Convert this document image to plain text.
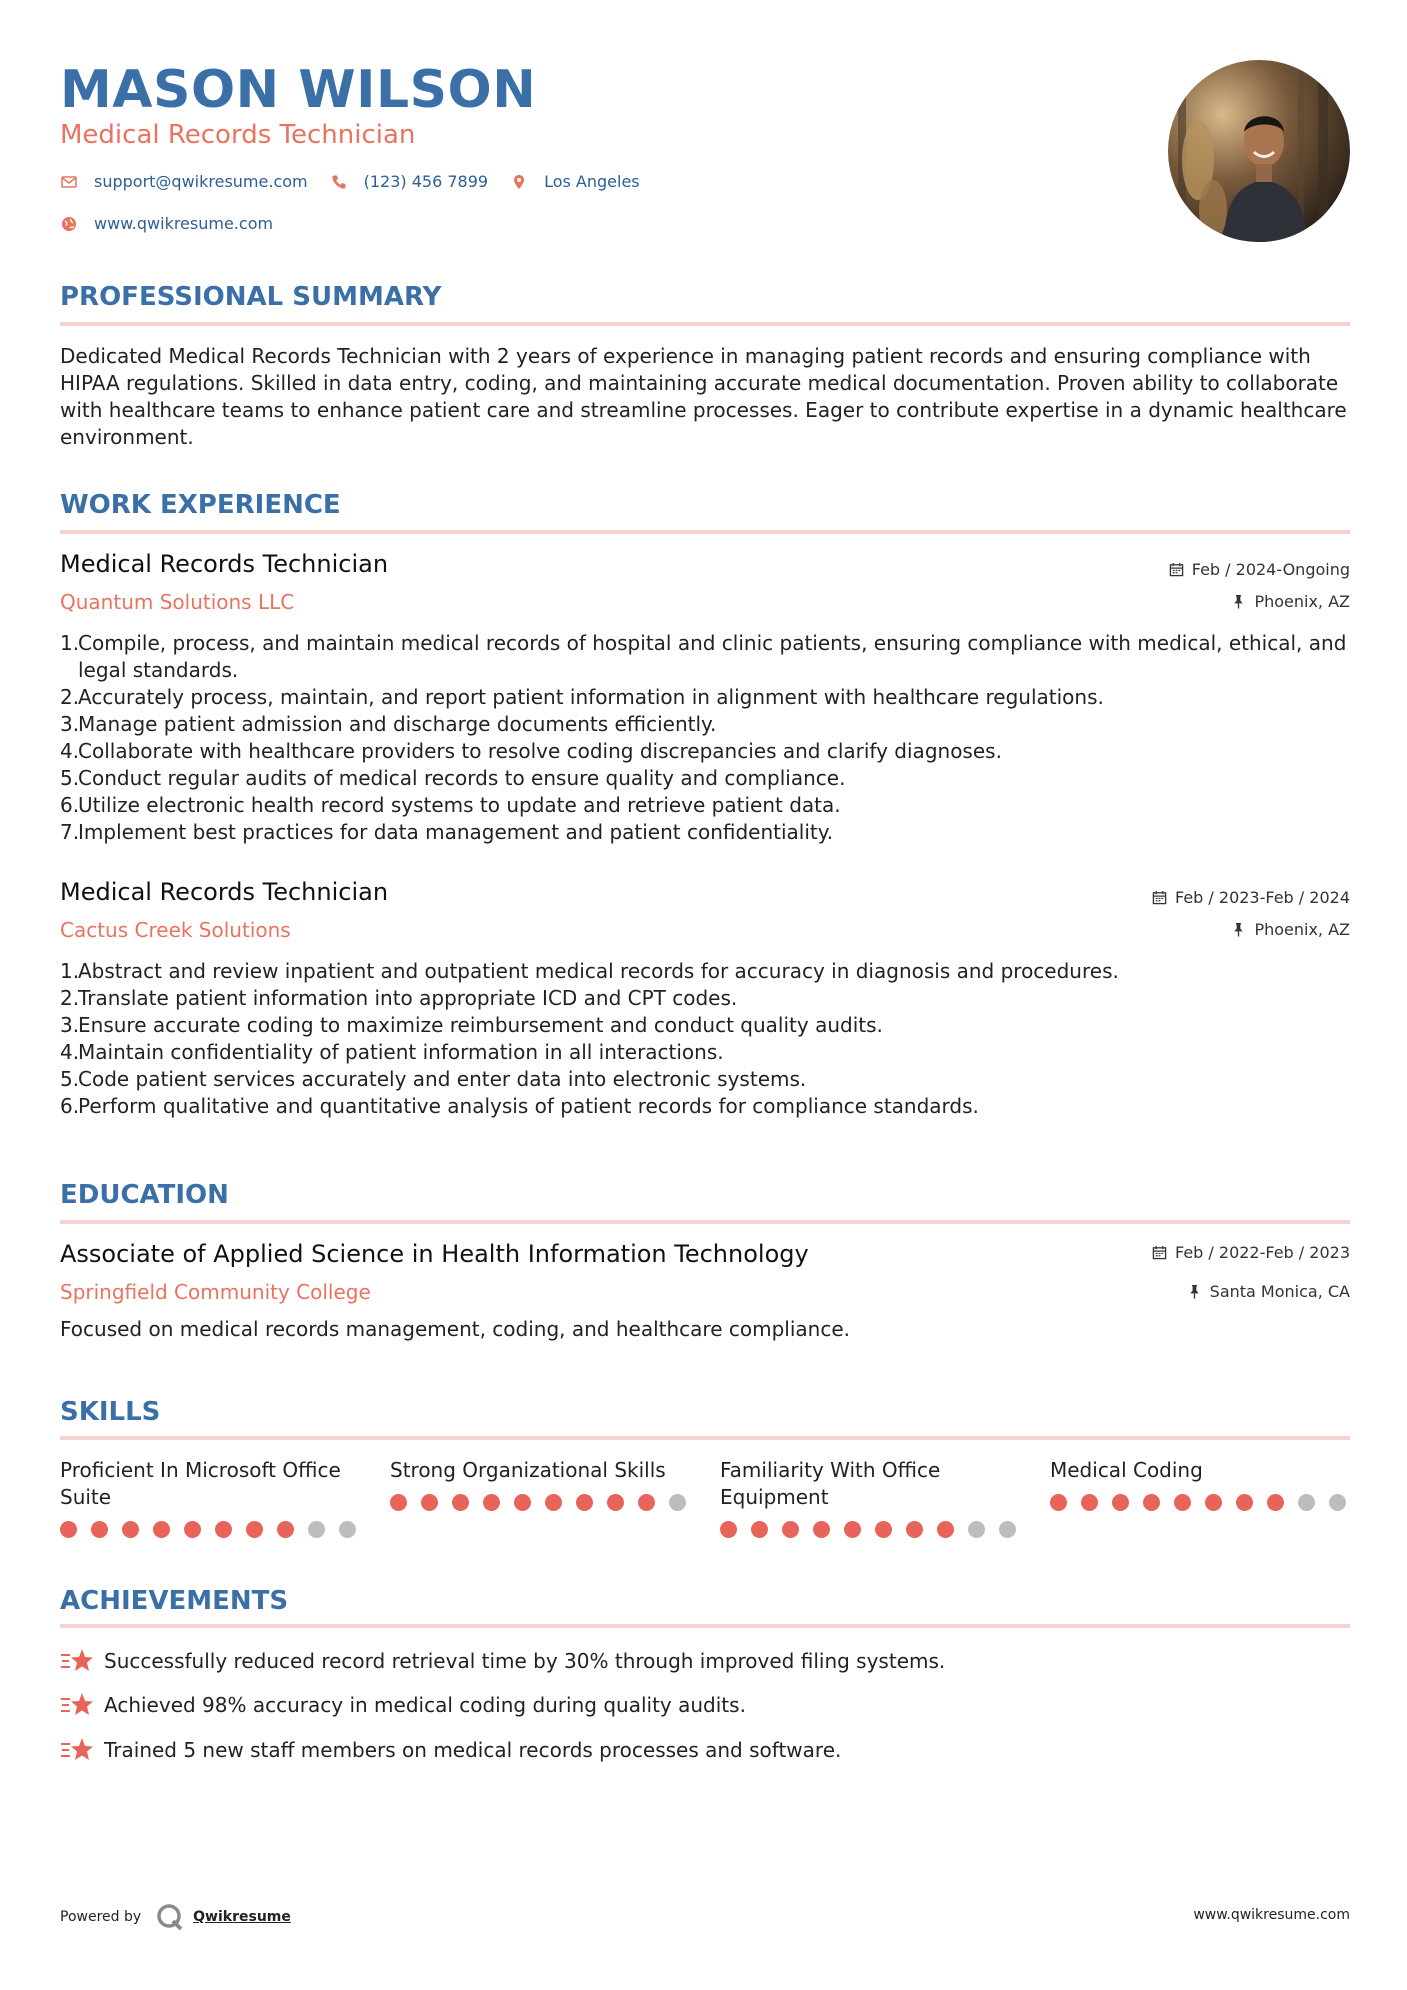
MASON WILSON
Medical Records Technician
support@qwikresume.com	(123) 456 7899	Los Angeles
www.qwikresume.com
PROFESSIONAL SUMMARY

Dedicated Medical Records Technician with 2 years of experience in managing patient records and ensuring compliance with HIPAA regulations. Skilled in data entry, coding, and maintaining accurate medical documentation. Proven ability to collaborate with healthcare teams to enhance patient care and streamline processes. Eager to contribute expertise in a dynamic healthcare environment.

WORK EXPERIENCE
Medical Records Technician
Quantum Solutions LLC
Feb / 2024-Ongoing
Phoenix, AZ
1.
Compile, process, and maintain medical records of hospital and clinic patients, ensuring compliance with medical, ethical, and legal standards.
2.
Accurately process, maintain, and report patient information in alignment with healthcare regulations.
3.
Manage patient admission and discharge documents efficiently.
4.
Collaborate with healthcare providers to resolve coding discrepancies and clarify diagnoses.
5.
Conduct regular audits of medical records to ensure quality and compliance.
6.
Utilize electronic health record systems to update and retrieve patient data.
7.
Implement best practices for data management and patient confidentiality.
Medical Records Technician
Cactus Creek Solutions
Feb / 2023-Feb / 2024
Phoenix, AZ
1.
Abstract and review inpatient and outpatient medical records for accuracy in diagnosis and procedures.
2.
Translate patient information into appropriate ICD and CPT codes.
3.
Ensure accurate coding to maximize reimbursement and conduct quality audits.
4.
Maintain confidentiality of patient information in all interactions.
5.
Code patient services accurately and enter data into electronic systems.
6.
Perform qualitative and quantitative analysis of patient records for compliance standards.
EDUCATION
Associate of Applied Science in Health Information Technology
Springfield Community College
Feb / 2022-Feb / 2023
Santa Monica, CA
Focused on medical records management, coding, and healthcare compliance.
SKILLS
Proficient In Microsoft Office Suite
Strong Organizational Skills	Familiarity With Office Equipment
Medical Coding
ACHIEVEMENTS
Successfully reduced record retrieval time by 30% through improved filing systems.
Achieved 98% accuracy in medical coding during quality audits.
Trained 5 new staff members on medical records processes and software.
Powered by	Qwikresume	www.qwikresume.com
